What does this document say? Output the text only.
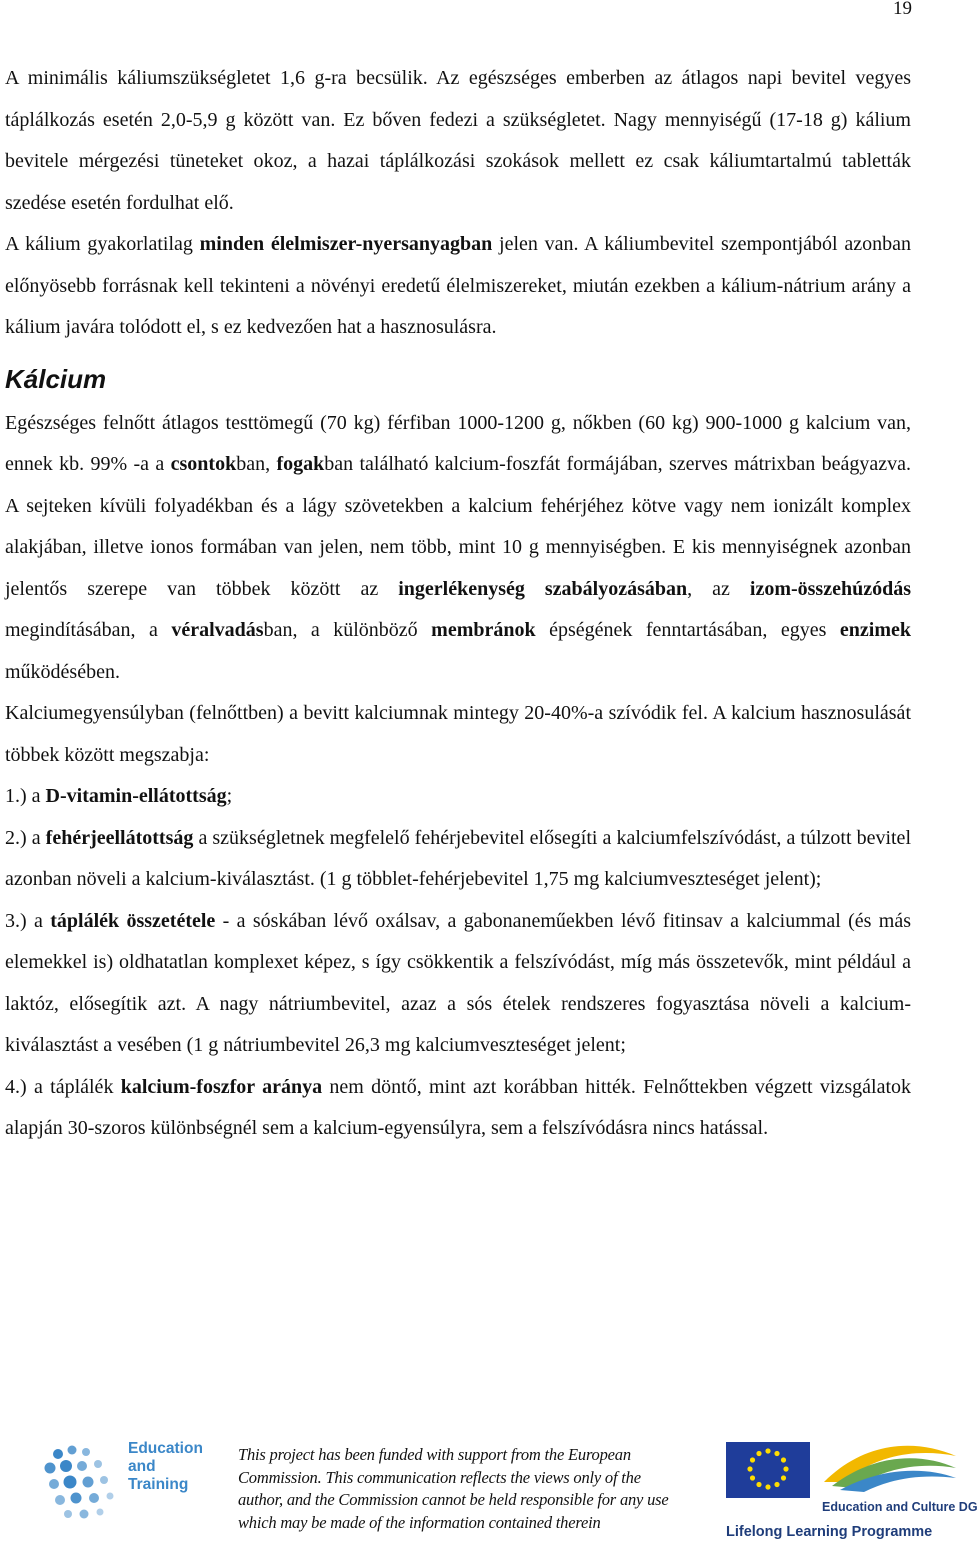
19

A minimális káliumszükségletet 1,6 g-ra becsülik. Az egészséges emberben az átlagos napi bevitel vegyes táplálkozás esetén 2,0-5,9 g között van. Ez bőven fedezi a szükségletet. Nagy mennyiségű (17-18 g) kálium bevitele mérgezési tüneteket okoz, a hazai táplálkozási szokások mellett ez csak káliumtartalmú tabletták szedése esetén fordulhat elő.

A kálium gyakorlatilag minden élelmiszer-nyersanyagban jelen van. A káliumbevitel szempontjából azonban előnyösebb forrásnak kell tekinteni a növényi eredetű élelmiszereket, miután ezekben a kálium-nátrium arány a kálium javára tolódott el, s ez kedvezően hat a hasznosulásra.

Kálcium

Egészséges felnőtt átlagos testtömegű (70 kg) férfiban 1000-1200 g, nőkben (60 kg) 900-1000 g kalcium van, ennek kb. 99% -a a csontokban, fogakban található kalcium-foszfát formájában, szerves mátrixban beágyazva. A sejteken kívüli folyadékban és a lágy szövetekben a kalcium fehérjéhez kötve vagy nem ionizált komplex alakjában, illetve ionos formában van jelen, nem több, mint 10 g mennyiségben. E kis mennyiségnek azonban jelentős szerepe van többek között az ingerlékenység szabályozásában, az izom-összehúzódás megindításában, a véralvadásban, a különböző membránok épségének fenntartásában, egyes enzimek működésében.

Kalciumegyensúlyban (felnőttben) a bevitt kalciumnak mintegy 20-40%-a szívódik fel. A kalcium hasznosulását többek között megszabja:

1.) a D-vitamin-ellátottság;

2.) a fehérjeellátottság a szükségletnek megfelelő fehérjebevitel elősegíti a kalciumfelszívódást, a túlzott bevitel azonban növeli a kalcium-kiválasztást. (1 g többlet-fehérjebevitel 1,75 mg kalciumveszteséget jelent);

3.) a táplálék összetétele - a sóskában lévő oxálsav, a gabonaneműekben lévő fitinsav a kalciummal (és más elemekkel is) oldhatatlan komplexet képez, s így csökkentik a felszívódást, míg más összetevők, mint például a laktóz, elősegítik azt. A nagy nátriumbevitel, azaz a sós ételek rendszeres fogyasztása növeli a kalcium-kiválasztást a vesében (1 g nátriumbevitel 26,3 mg kalciumveszteséget jelent;

4.) a táplálék kalcium-foszfor aránya nem döntő, mint azt korábban hitték. Felnőttekben végzett vizsgálatok alapján 30-szoros különbségnél sem a kalcium-egyensúlyra, sem a felszívódásra nincs hatással.

Education
and
Training
This project has been funded with support from the European Commission. This communication reflects the views only of the author, and the Commission cannot be held responsible for any use which may be made of the information contained therein
Education and Culture DG
Lifelong Learning Programme
